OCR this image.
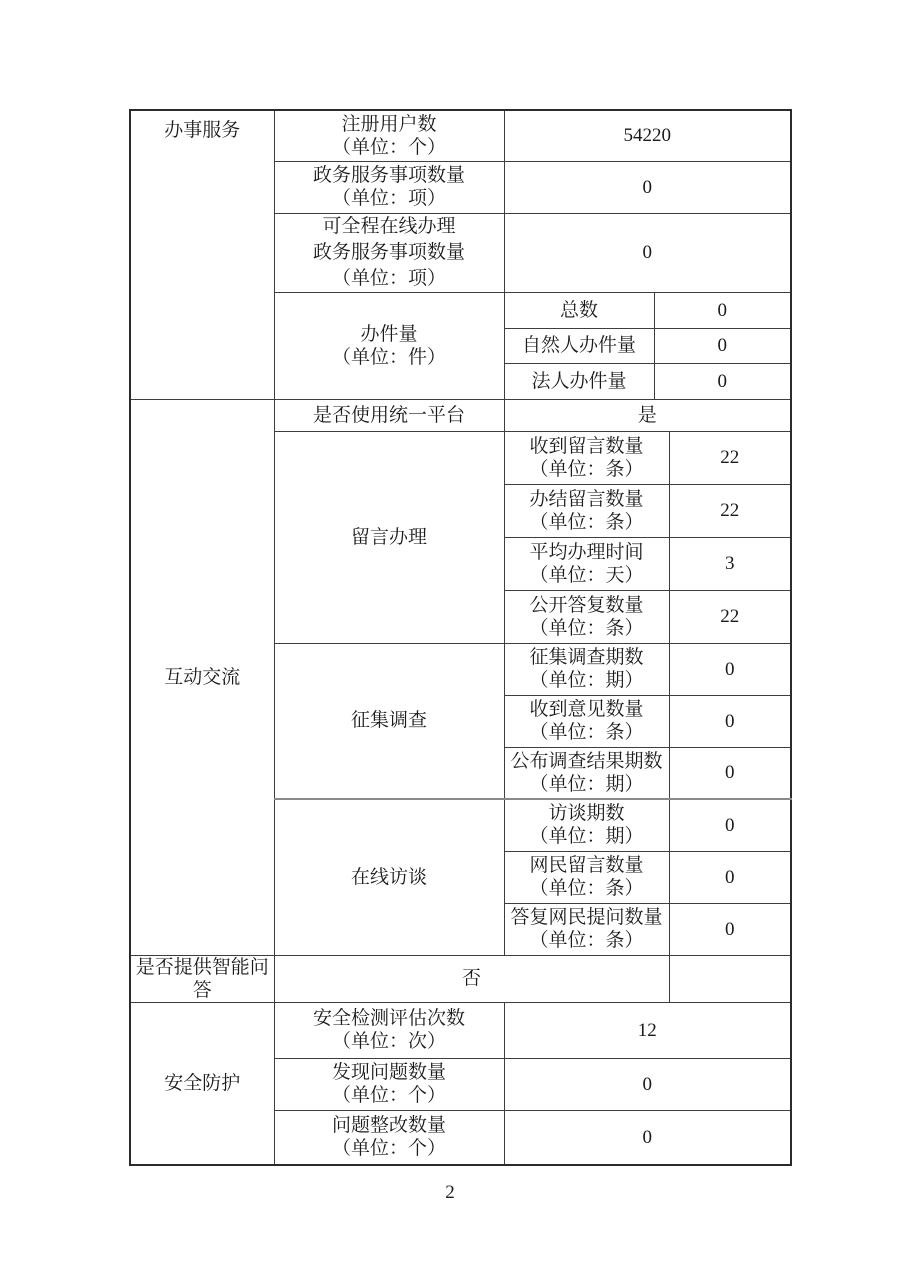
办事服务	注册用户数
（单位：个）	54220		

	政务服务事项数量
（单位：项）	0		

	可全程在线办理
政务服务事项数量
（单位：项）	0		

	办件量
（单位：件）	总数	0	

		自然人办件量	0	

		法人办件量	0	

互动交流	是否使用统一平台	是		

	留言办理	收到留言数量
（单位：条）		22

		办结留言数量
（单位：条）		22

		平均办理时间
（单位：天）		3

		公开答复数量
（单位：条）		22

	征集调查	征集调查期数
（单位：期）		0

		收到意见数量
（单位：条）		0

		公布调查结果期数
（单位：期）		0

	在线访谈	访谈期数
（单位：期）		0

		网民留言数量
（单位：条）		0

		答复网民提问数量
（单位：条）		0

是否提供智能问答	否			

安全防护	安全检测评估次数
（单位：次）	12		

	发现问题数量
（单位：个）	0		

	问题整改数量
（单位：个）	0		
2
